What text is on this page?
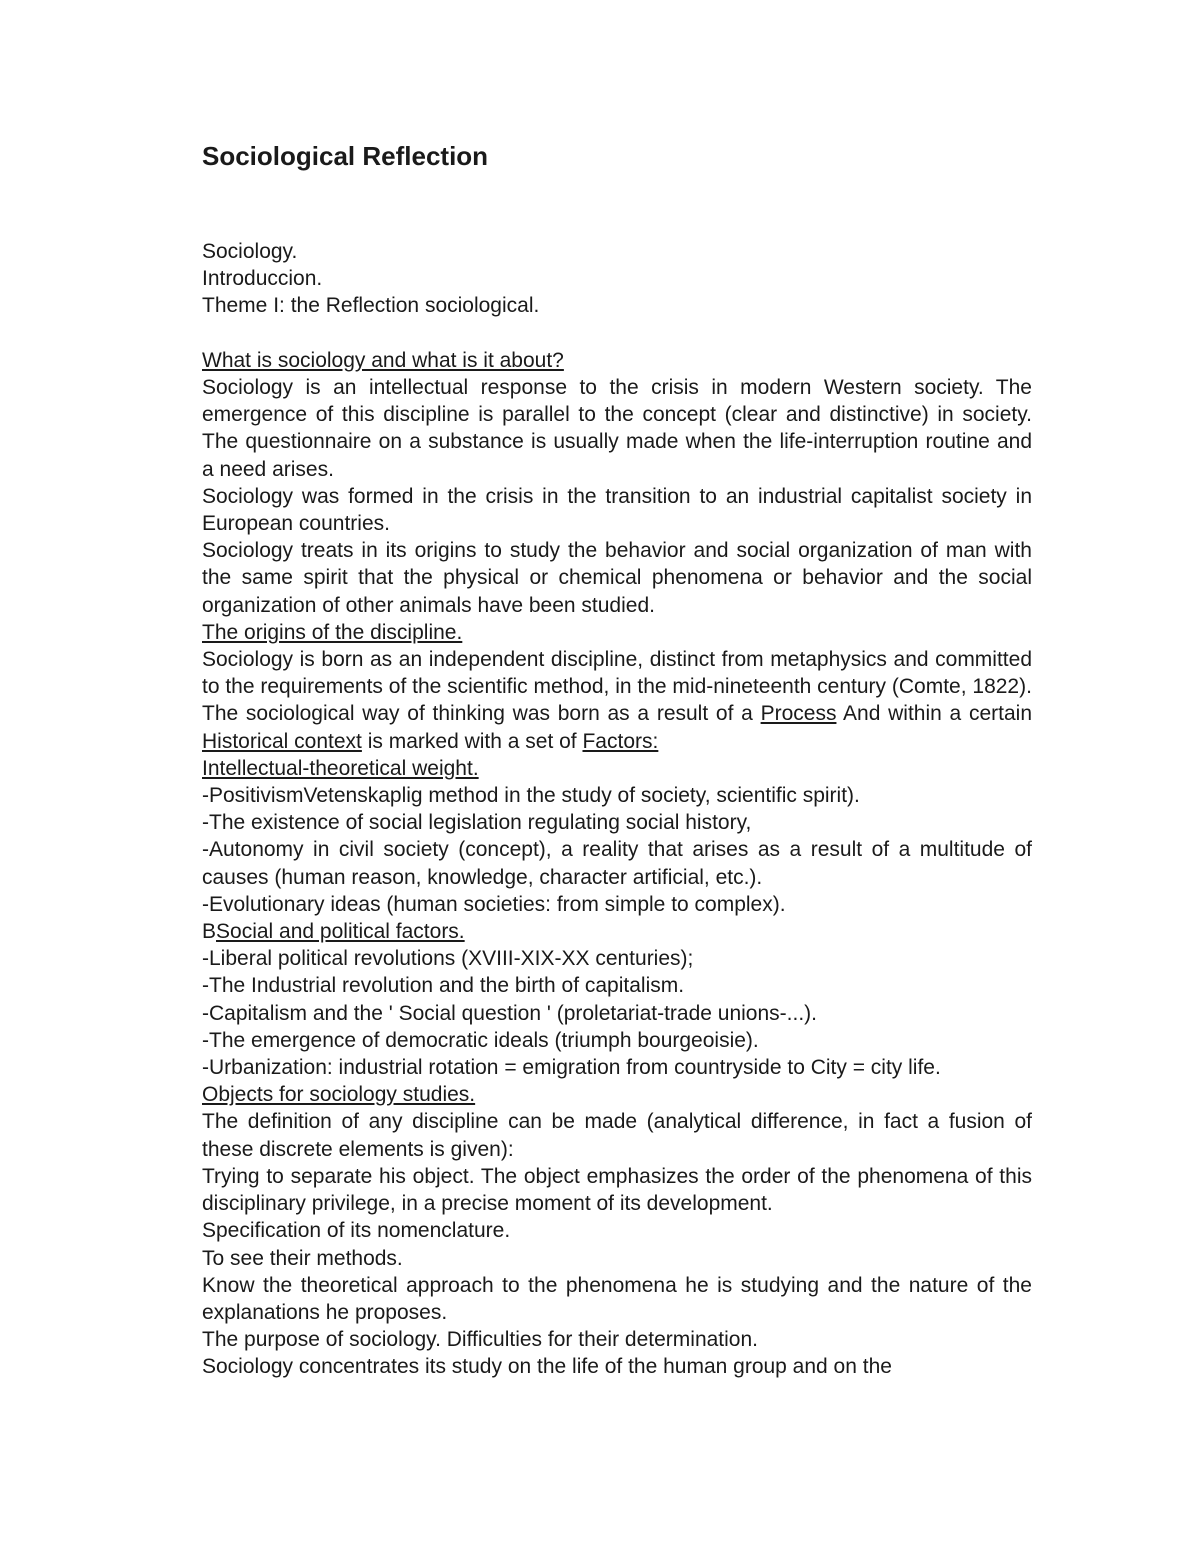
Sociological Reflection

Sociology.

Introduccion.

Theme I: the Reflection sociological.

What is sociology and what is it about?

Sociology is an intellectual response to the crisis in modern Western society. The emergence of this discipline is parallel to the concept (clear and distinctive) in society. The questionnaire on a substance is usually made when the life-interruption routine and a need arises.

Sociology was formed in the crisis in the transition to an industrial capitalist society in European countries.

Sociology treats in its origins to study the behavior and social organization of man with the same spirit that the physical or chemical phenomena or behavior and the social organization of other animals have been studied.

The origins of the discipline.

Sociology is born as an independent discipline, distinct from metaphysics and committed to the requirements of the scientific method, in the mid-nineteenth century (Comte, 1822).

The sociological way of thinking was born as a result of a Process And within a certain Historical context is marked with a set of Factors:

Intellectual-theoretical weight.

-PositivismVetenskaplig method in the study of society, scientific spirit).

-The existence of social legislation regulating social history,

-Autonomy in civil society (concept), a reality that arises as a result of a multitude of causes (human reason, knowledge, character artificial, etc.).

-Evolutionary ideas (human societies: from simple to complex).

BSocial and political factors.

-Liberal political revolutions (XVIII-XIX-XX centuries);

-The Industrial revolution and the birth of capitalism.

-Capitalism and the ' Social question ' (proletariat-trade unions-...).

-The emergence of democratic ideals (triumph bourgeoisie).

-Urbanization: industrial rotation = emigration from countryside to City = city life.

Objects for sociology studies.

The definition of any discipline can be made (analytical difference, in fact a fusion of these discrete elements is given):

Trying to separate his object. The object emphasizes the order of the phenomena of this disciplinary privilege, in a precise moment of its development.

Specification of its nomenclature.

To see their methods.

Know the theoretical approach to the phenomena he is studying and the nature of the explanations he proposes.

The purpose of sociology. Difficulties for their determination.

Sociology concentrates its study on the life of the human group and on the
